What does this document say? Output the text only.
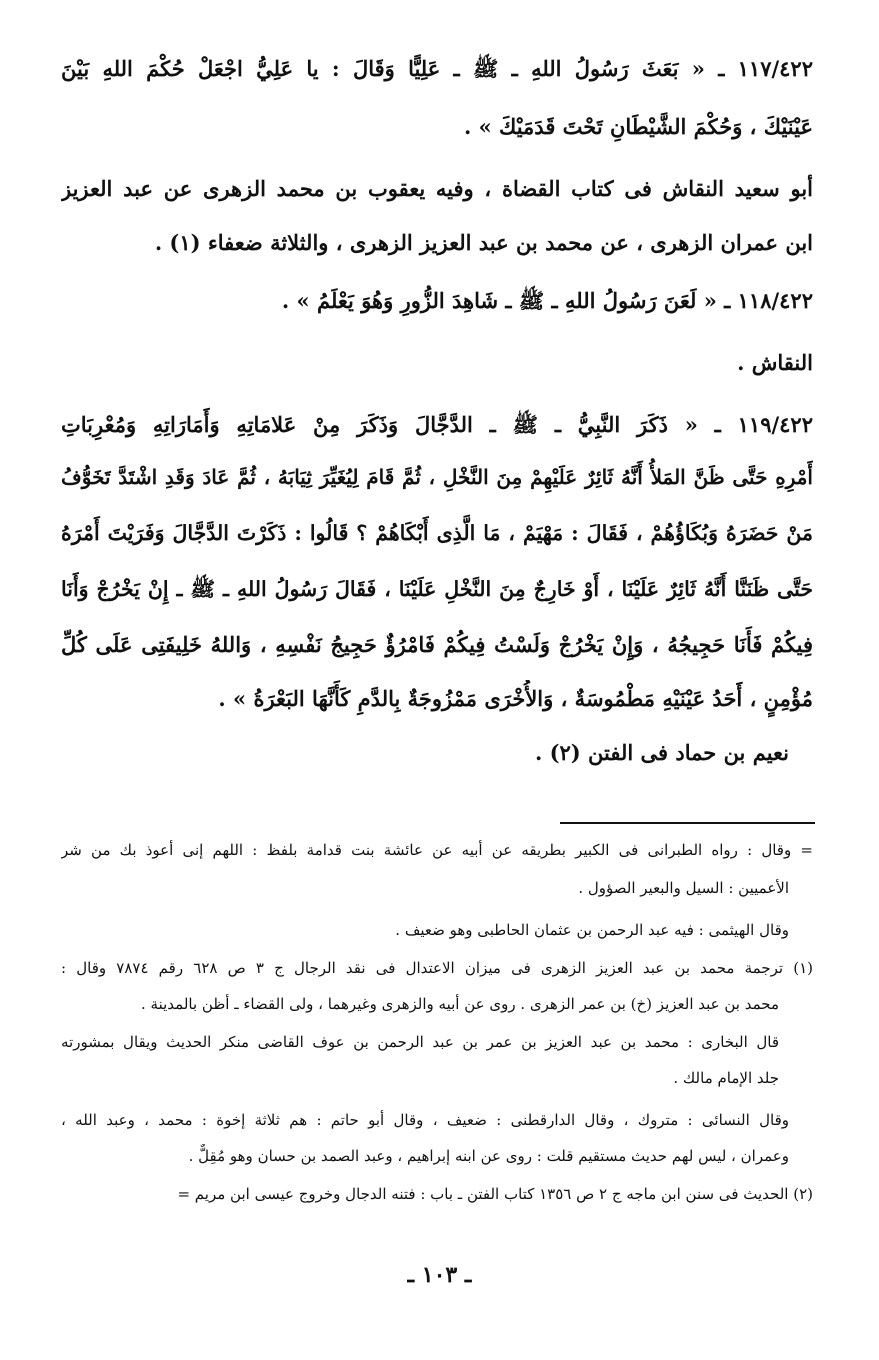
١١٧/٤٢٢ ـ « بَعَثَ رَسُولُ اللهِ ـ ﷺ ـ عَلِيًّا وَقَالَ : يا عَلِيُّ اجْعَلْ حُكْمَ اللهِ بَيْنَ
عَيْنَيْكَ ، وَحُكْمَ الشَّيْطَانِ تَحْتَ قَدَمَيْكَ » .
أبو سعيد النقاش فى كتاب القضاة ، وفيه يعقوب بن محمد الزهرى عن عبد العزيز
ابن عمران الزهرى ، عن محمد بن عبد العزيز الزهرى ، والثلاثة ضعفاء (١) .
١١٨/٤٢٢ ـ « لَعَنَ رَسُولُ اللهِ ـ ﷺ ـ شَاهِدَ الزُّورِ وَهُوَ يَعْلَمُ » .
النقاش .
١١٩/٤٢٢ ـ « ذَكَرَ النَّبِيُّ ـ ﷺ ـ الدَّجَّالَ وَذَكَرَ مِنْ عَلامَاتِهِ وَأَمَارَاتِهِ وَمُعْرِبَاتِ
أَمْرِهِ حَتَّى ظَنَّ المَلأُ أَنَّهُ ثَائِرٌ عَلَيْهِمْ مِنَ النَّخْلِ ، ثُمَّ قَامَ لِيُغَيِّرَ ثِيَابَهُ ، ثُمَّ عَادَ وَقَدِ اشْتَدَّ تَخَوُّفُ
مَنْ حَضَرَهُ وَبُكَاؤُهُمْ ، فَقَالَ : مَهْيَمْ ، مَا الَّذِى أَبْكَاهُمْ ؟ قَالُوا : ذَكَرْتَ الدَّجَّالَ وَفَرَيْتَ أَمْرَهُ
حَتَّى ظَنَنَّا أَنَّهُ ثَائِرٌ عَلَيْنَا ، أَوْ خَارِجٌ مِنَ النَّخْلِ عَلَيْنَا ، فَقَالَ رَسُولُ اللهِ ـ ﷺ ـ إِنْ يَخْرُجْ وَأَنَا
فِيكُمْ فَأَنَا حَجِيجُهُ ، وَإِنْ يَخْرُجْ وَلَسْتُ فِيكُمْ فَامْرُؤٌ حَجِيجُ نَفْسِهِ ، وَاللهُ خَلِيفَتِى عَلَى كُلِّ
مُؤْمِنٍ ، أَحَدُ عَيْنَيْهِ مَطْمُوسَةٌ ، وَالأُخْرَى مَمْزُوجَةٌ بِالدَّمِ كَأَنَّهَا البَعْرَةُ » .
نعيم بن حماد فى الفتن (٢) .
= وقال : رواه الطبرانى فى الكبير بطريقه عن أبيه عن عائشة بنت قدامة بلفظ : اللهم إنى أعوذ بك من شر
الأعميين : السيل والبعير الصؤول .
وقال الهيثمى : فيه عبد الرحمن بن عثمان الحاطبى وهو ضعيف .
(١) ترجمة محمد بن عبد العزيز الزهرى فى ميزان الاعتدال فى نقد الرجال ج ٣ ص ٦٢٨ رقم ٧٨٧٤ وقال :
محمد بن عبد العزيز (خ) بن عمر الزهرى . روى عن أبيه والزهرى وغيرهما ، ولى القضاء ـ أظن بالمدينة .
قال البخارى : محمد بن عبد العزيز بن عمر بن عبد الرحمن بن عوف القاضى منكر الحديث ويقال بمشورته
جلد الإمام مالك .
وقال النسائى : متروك ، وقال الدارقطنى : ضعيف ، وقال أبو حاتم : هم ثلاثة إخوة : محمد ، وعبد الله ،
وعمران ، ليس لهم حديث مستقيم قلت : روى عن ابنه إبراهيم ، وعبد الصمد بن حسان وهو مُقِلٌّ .
(٢) الحديث فى سنن ابن ماجه ج ٢ ص ١٣٥٦ كتاب الفتن ـ باب : فتنه الدجال وخروج عيسى ابن مريم =
ـ ١٠٣ ـ
